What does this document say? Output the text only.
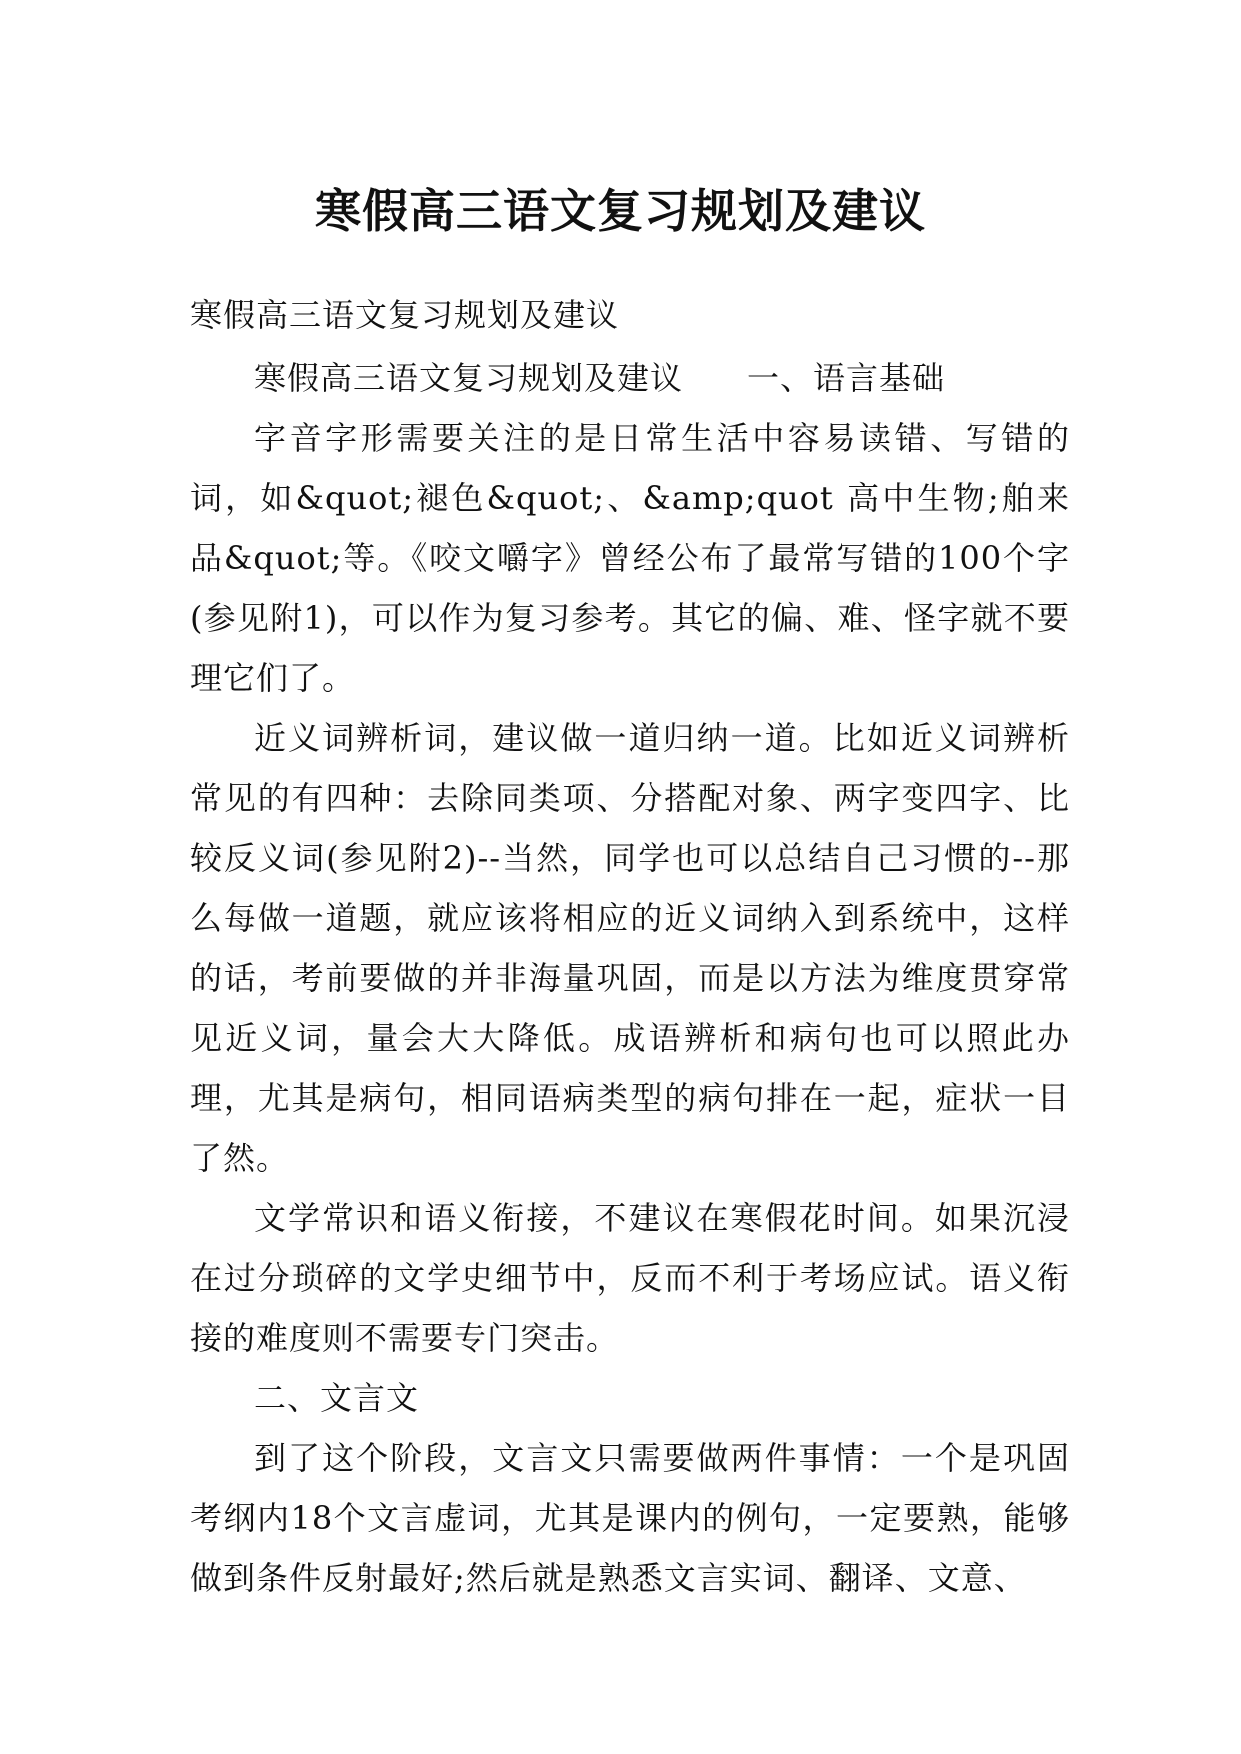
寒假高三语文复习规划及建议

寒假高三语文复习规划及建议

寒假高三语文复习规划及建议 一、语言基础

字音字形需要关注的是日常生活中容易读错、写错的词，如&quot;褪色&quot;、&amp;quot 高中生物;舶来品&quot;等。《咬文嚼字》曾经公布了最常写错的100个字(参见附1)，可以作为复习参考。其它的偏、难、怪字就不要理它们了。

近义词辨析词，建议做一道归纳一道。比如近义词辨析常见的有四种：去除同类项、分搭配对象、两字变四字、比较反义词(参见附2)--当然，同学也可以总结自己习惯的--那么每做一道题，就应该将相应的近义词纳入到系统中，这样的话，考前要做的并非海量巩固，而是以方法为维度贯穿常见近义词，量会大大降低。成语辨析和病句也可以照此办理，尤其是病句，相同语病类型的病句排在一起，症状一目了然。

文学常识和语义衔接，不建议在寒假花时间。如果沉浸在过分琐碎的文学史细节中，反而不利于考场应试。语义衔接的难度则不需要专门突击。

二、文言文

到了这个阶段，文言文只需要做两件事情：一个是巩固考纲内18个文言虚词，尤其是课内的例句，一定要熟，能够做到条件反射最好;然后就是熟悉文言实词、翻译、文意、
